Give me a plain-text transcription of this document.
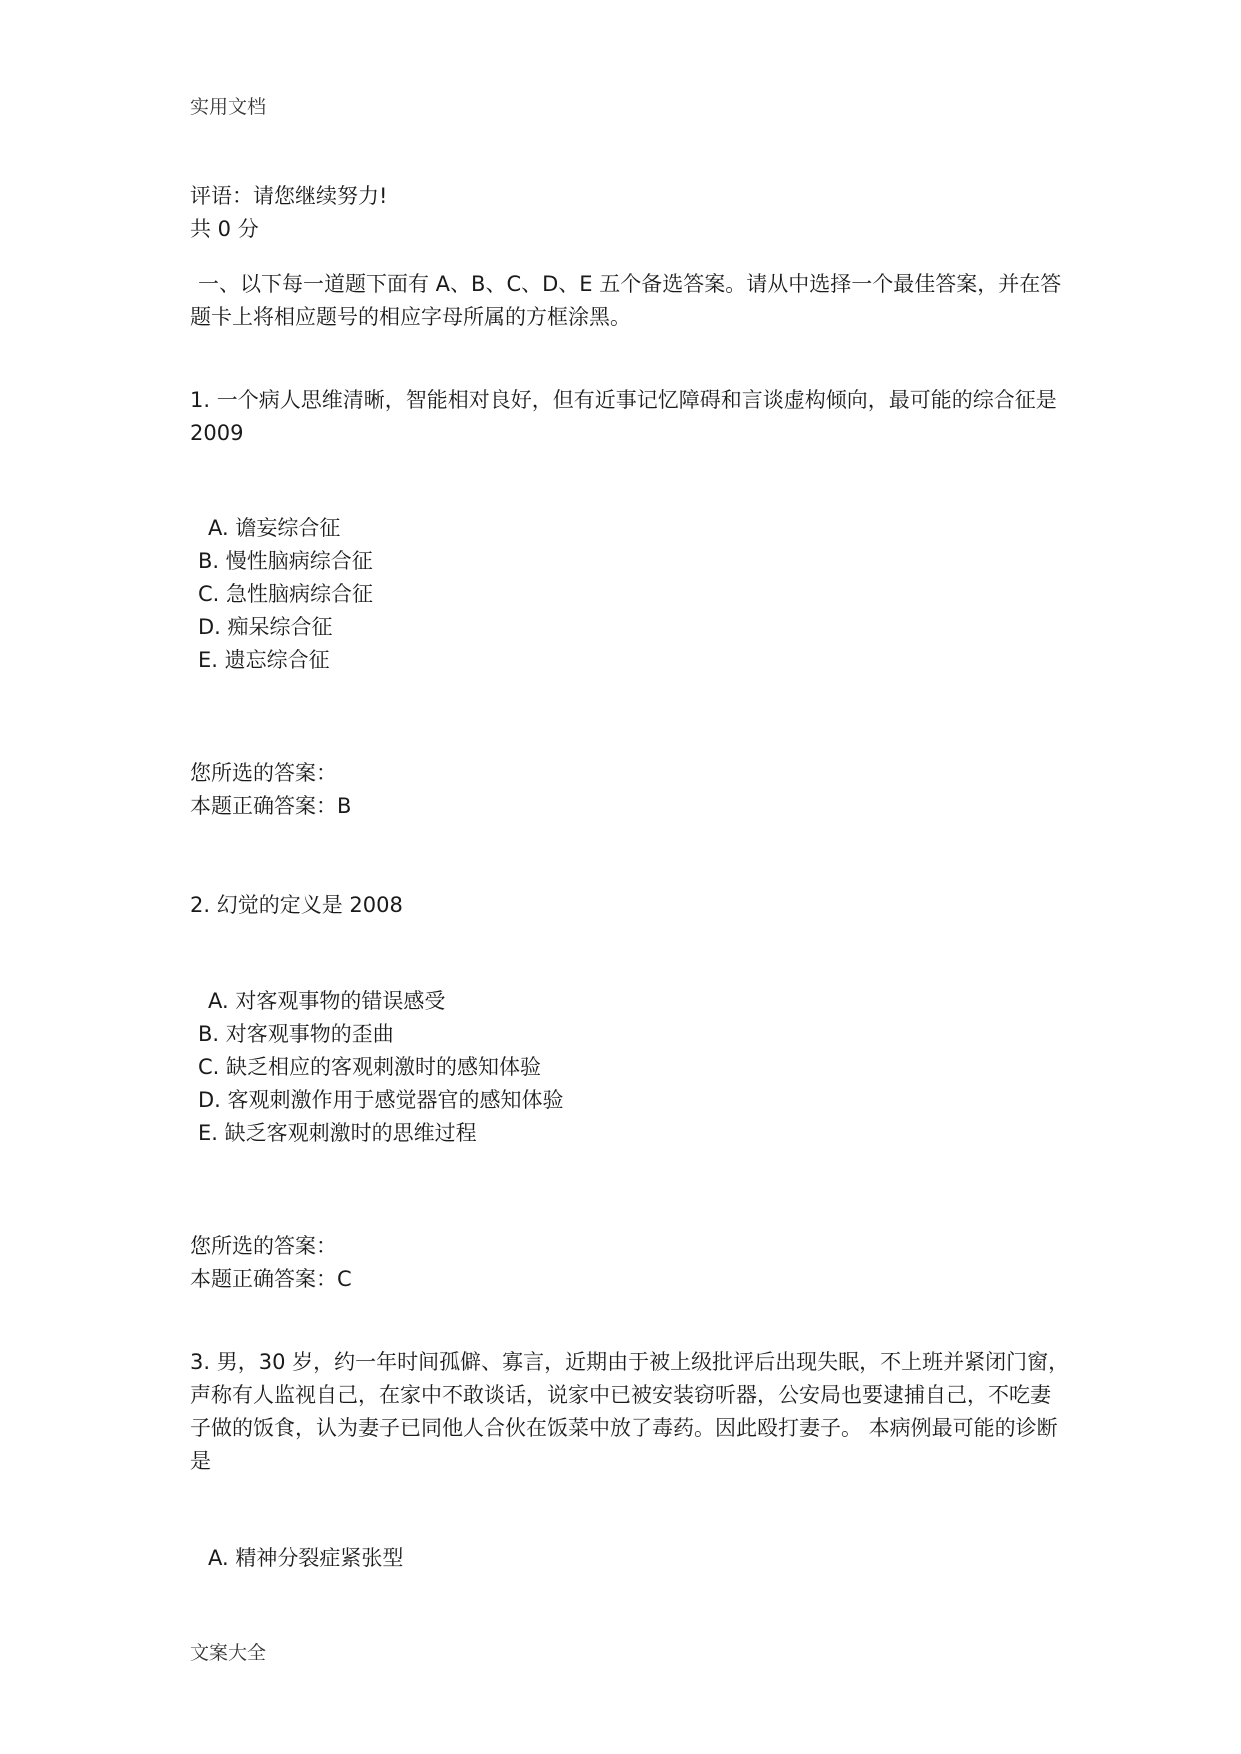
实用文档
评语：请您继续努力!
共 0 分
一、以下每一道题下面有 A、B、C、D、E 五个备选答案。请从中选择一个最佳答案，并在答题卡上将相应题号的相应字母所属的方框涂黑。
1. 一个病人思维清晰，智能相对良好，但有近事记忆障碍和言谈虚构倾向，最可能的综合征是 2009
A. 谵妄综合征
B. 慢性脑病综合征
C. 急性脑病综合征
D. 痴呆综合征
E. 遗忘综合征
您所选的答案：
本题正确答案：B
2. 幻觉的定义是 2008
A. 对客观事物的错误感受
B. 对客观事物的歪曲
C. 缺乏相应的客观刺激时的感知体验
D. 客观刺激作用于感觉器官的感知体验
E. 缺乏客观刺激时的思维过程
您所选的答案：
本题正确答案：C
3. 男，30 岁，约一年时间孤僻、寡言，近期由于被上级批评后出现失眠，不上班并紧闭门窗，声称有人监视自己，在家中不敢谈话，说家中已被安装窃听器，公安局也要逮捕自己，不吃妻子做的饭食，认为妻子已同他人合伙在饭菜中放了毒药。因此殴打妻子。 本病例最可能的诊断是
A. 精神分裂症紧张型
文案大全
